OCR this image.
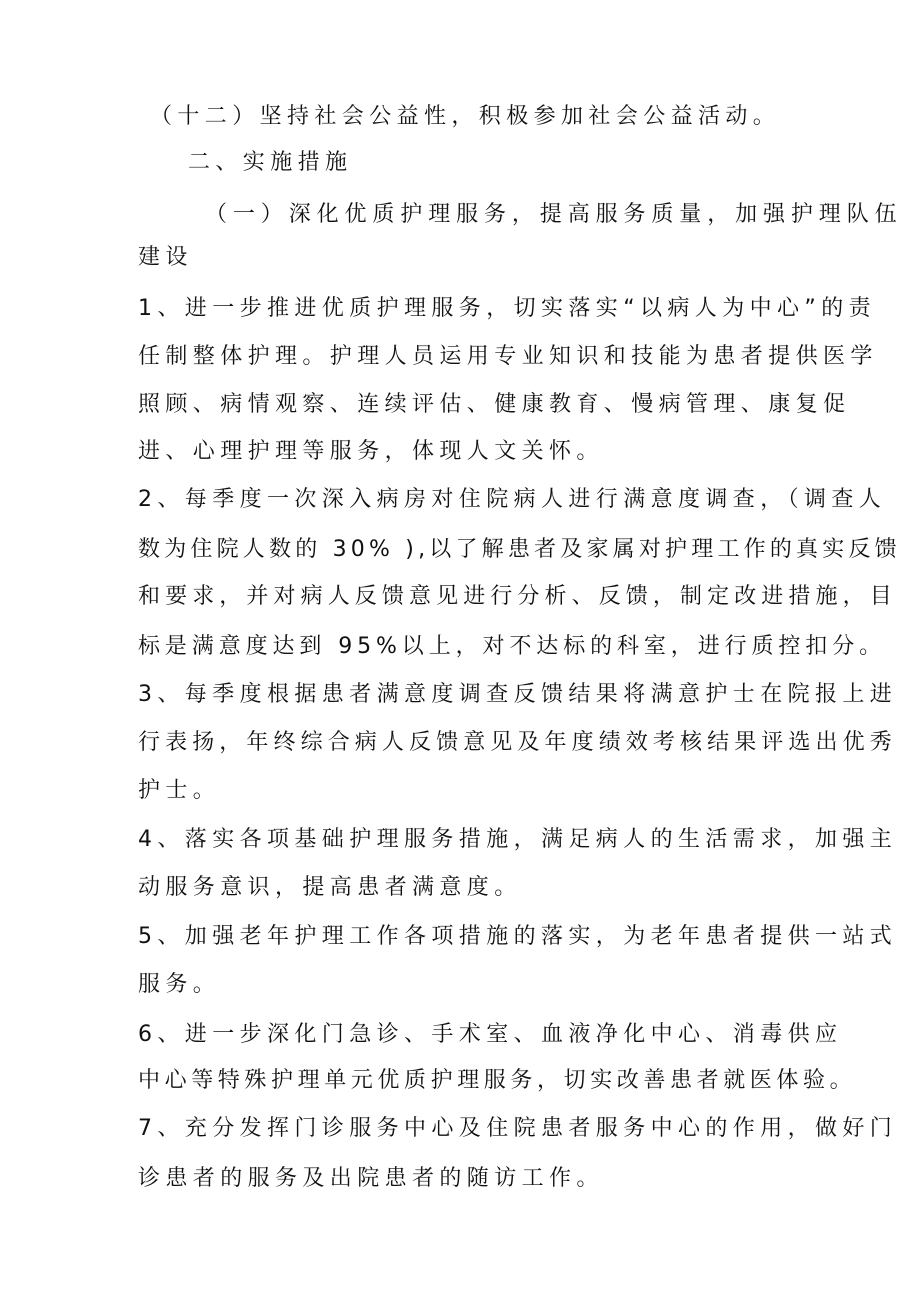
（十二）坚持社会公益性，积极参加社会公益活动。
二、实施措施
（一）深化优质护理服务，提高服务质量，加强护理队伍
建设
1、进一步推进优质护理服务，切实落实“以病人为中心”的责
任制整体护理。护理人员运用专业知识和技能为患者提供医学
照顾、病情观察、连续评估、健康教育、慢病管理、康复促
进、心理护理等服务，体现人文关怀。
2、每季度一次深入病房对住院病人进行满意度调查，（调查人
数为住院人数的 30% ),以了解患者及家属对护理工作的真实反馈
和要求，并对病人反馈意见进行分析、反馈，制定改进措施，目
标是满意度达到 95%以上，对不达标的科室，进行质控扣分。
3、每季度根据患者满意度调查反馈结果将满意护士在院报上进
行表扬，年终综合病人反馈意见及年度绩效考核结果评选出优秀
护士。
4、落实各项基础护理服务措施，满足病人的生活需求，加强主
动服务意识，提高患者满意度。
5、加强老年护理工作各项措施的落实，为老年患者提供一站式
服务。
6、进一步深化门急诊、手术室、血液净化中心、消毒供应
中心等特殊护理单元优质护理服务，切实改善患者就医体验。
7、充分发挥门诊服务中心及住院患者服务中心的作用，做好门
诊患者的服务及出院患者的随访工作。
